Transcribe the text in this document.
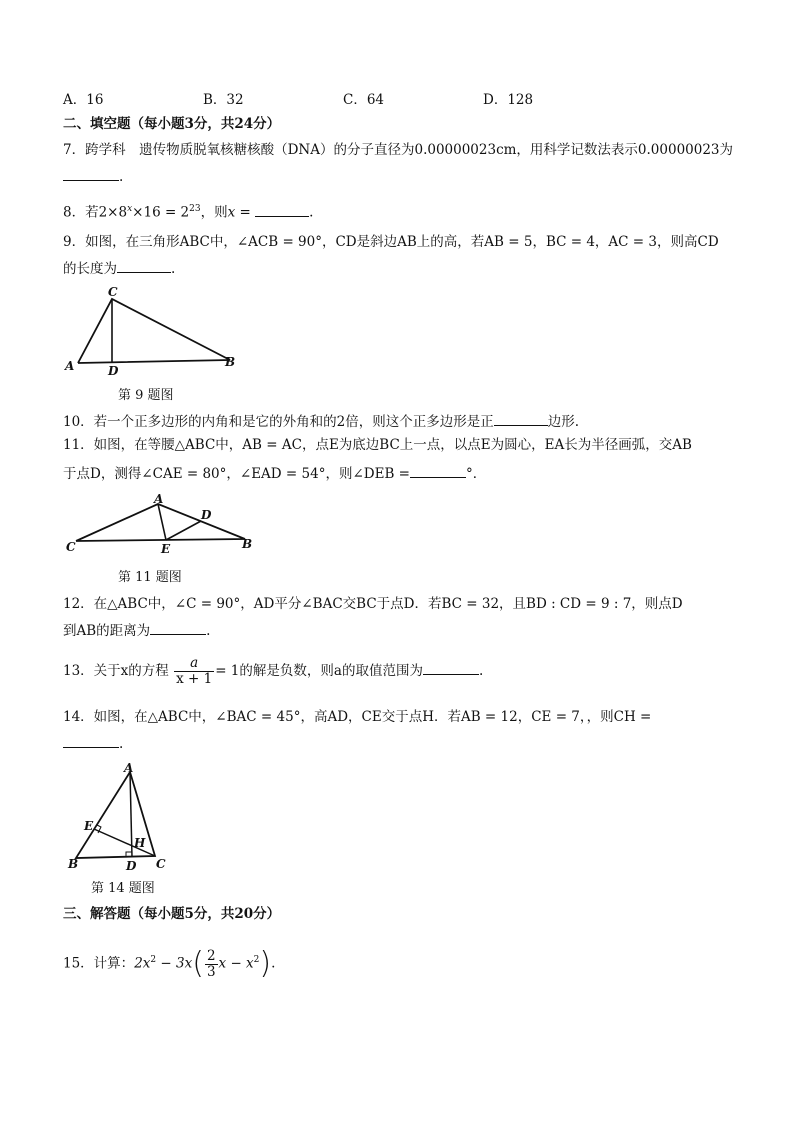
A．16	B．32	C．64	D．128
二、填空题（每小题3分，共24分）
7．跨学科　遗传物质脱氧核糖核酸（DNA）的分子直径为0.00000023cm，用科学记数法表示0.00000023为
.
8．若$2\times 8^x\times 16 = 2^{23}$，则x =	.
9．如图，在三角形ABC中，∠ACB = 90°，CD是斜边AB上的高，若AB = 5，BC = 4，AC = 3，则高CD
的长度为	.
C
A	D
B
第 9 题图
10．若一个正多边形的内角和是它的外角和的2倍，则这个正多边形是正	边形.
11．如图，在等腰△ABC中，AB = AC，点E为底边BC上一点，以点E为圆心，EA长为半径画弧，交AB
于点D，测得∠CAE = 80°，∠EAD = 54°，则∠DEB =	°．
A
D
C	E	B
第 11 题图
12．在△ABC中，∠C = 90°，AD平分∠BAC交BC于点D．若BC = 32，且BD : CD = 9 : 7，则点D
到AB的距离为	.
13．关于x的方程 $\frac{a}{x + 1} = 1$的解是负数，则a的取值范围为	.
14．如图，在△ABC中，∠BAC = 45°，高AD，CE交于点H．若AB = 12，CE = 7，，则CH =
.
A
E
H
B	D C
第 14 题图
三、解答题（每小题5分，共20分）
15．计算：$2x^2 - 3x( \frac{2}{3}$ $x - x^2$).
